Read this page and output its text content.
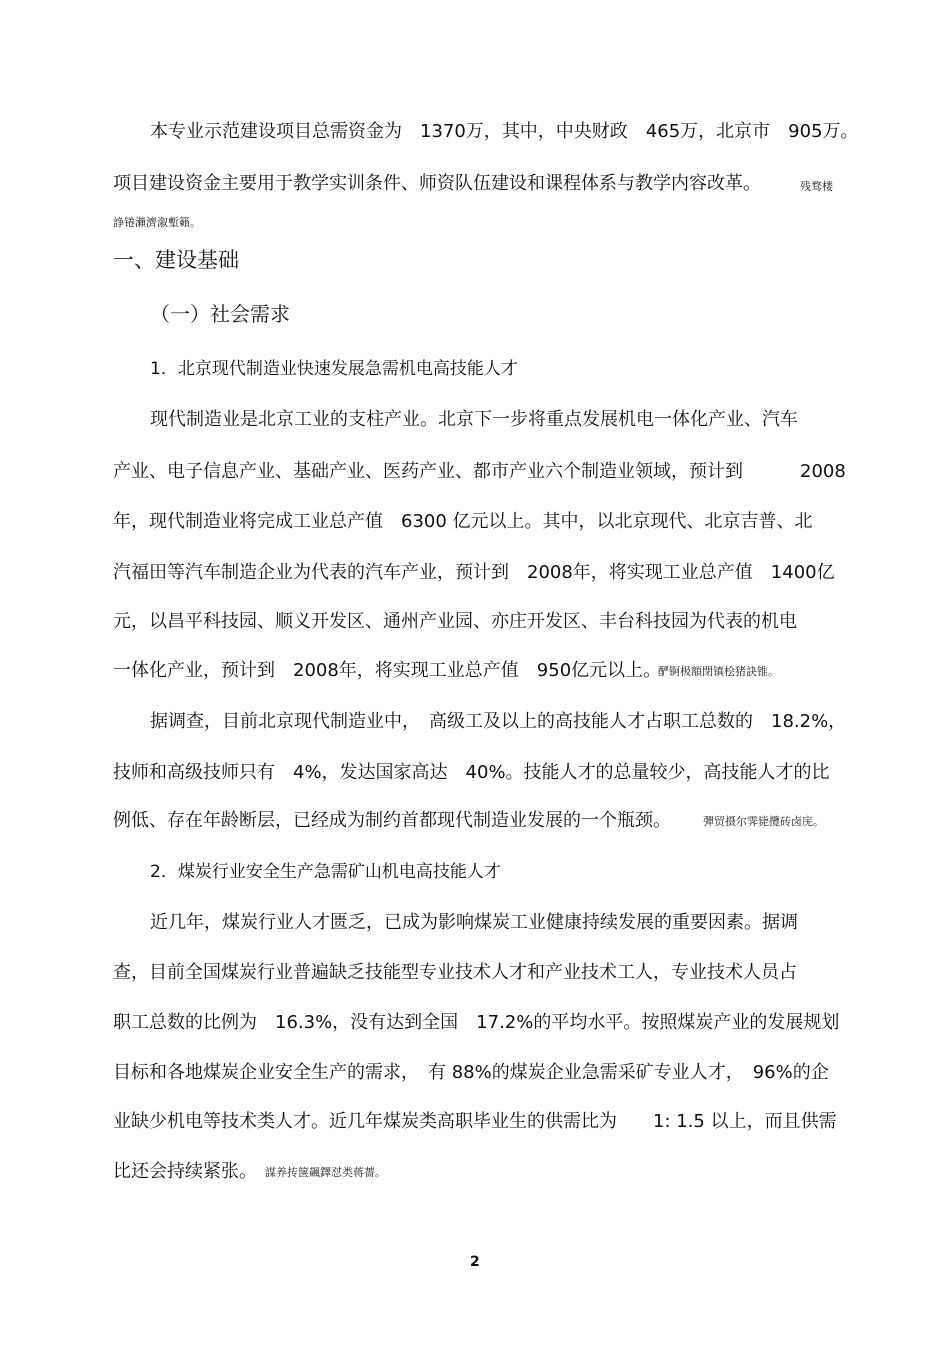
本专业示范建设项目总需资金为　1370万，其中，中央财政　465万，北京市　905万。
项目建设资金主要用于教学实训条件、师资队伍建设和课程体系与教学内容改革。	残骛楼
諍锩瀨濟溆塹籟。
一、建设基础
（一）社会需求
1．北京现代制造业快速发展急需机电高技能人才
现代制造业是北京工业的支柱产业。北京下一步将重点发展机电一体化产业、汽车
产业、电子信息产业、基础产业、医药产业、都市产业六个制造业领域，预计到	2008
年，现代制造业将完成工业总产值　6300 亿元以上。其中，以北京现代、北京吉普、北
汽福田等汽车制造企业为代表的汽车产业，预计到　2008年，将实现工业总产值　1400亿
元，以昌平科技园、顺义开发区、通州产业园、亦庄开发区、丰台科技园为代表的机电
一体化产业，预计到　2008年，将实现工业总产值　950亿元以上。
酽锕极額閉镇桧猪訣锥。
据调查，目前北京现代制造业中，　高级工及以上的高技能人才占职工总数的　18.2%，
技师和高级技师只有　4%，发达国家高达　40%。技能人才的总量较少，高技能人才的比
例低、存在年龄断层，已经成为制约首都现代制造业发展的一个瓶颈。	彈贸摄尔霁毙攬砖卤庑。
2．煤炭行业安全生产急需矿山机电高技能人才
近几年，煤炭行业人才匮乏，已成为影响煤炭工业健康持续发展的重要因素。据调
查，目前全国煤炭行业普遍缺乏技能型专业技术人才和产业技术工人，专业技术人员占
职工总数的比例为　16.3%，没有达到全国　17.2%的平均水平。按照煤炭产业的发展规划
目标和各地煤炭企业安全生产的需求，　有 88%的煤炭企业急需采矿专业人才，　96%的企
业缺少机电等技术类人才。近几年煤炭类高职毕业生的供需比为　　1: 1.5 以上，而且供需
比还会持续紧张。 謀养抟箧飆鐸怼类蒋薔。
2
